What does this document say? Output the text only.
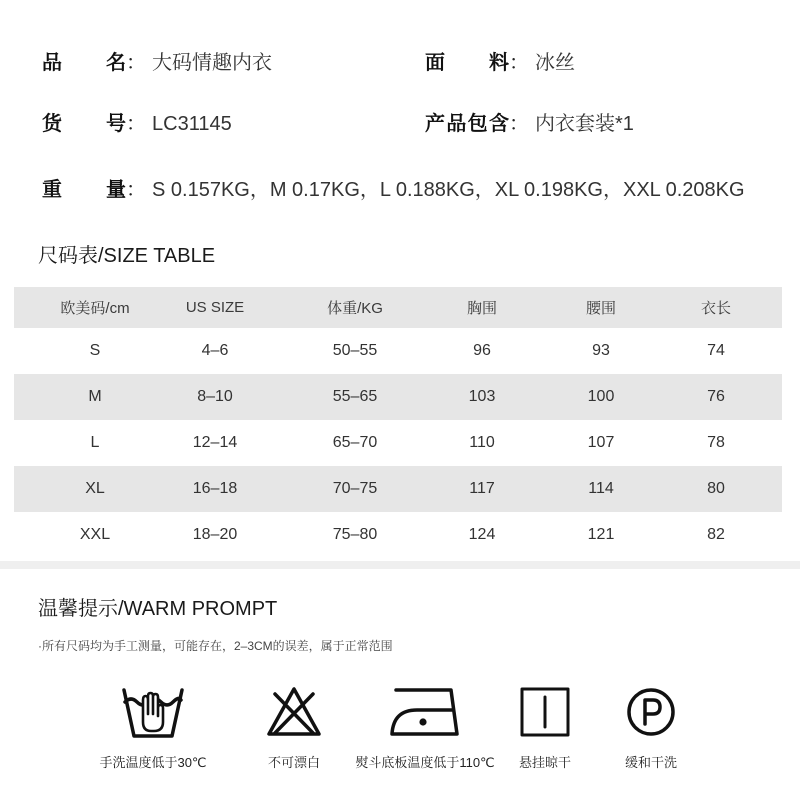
品 名 ： 大码情趣内衣	面 料 ： 冰丝
货 号 ： LC31145	产 品 包 含 ： 内衣套装*1
重 量 ： S 0.157KG，M 0.17KG，L 0.188KG，XL 0.198KG，XXL 0.208KG
尺码表/SIZE TABLE
欧美码/cm	US SIZE	体重/KG	胸围	腰围	衣长
S	4–6	50–55	96	93	74
M	8–10	55–65	103	100	76
L	12–14	65–70	110	107	78
XL	16–18	70–75	117	114	80
XXL	18–20	75–80	124	121	82
温馨提示/WARM PROMPT
·所有尺码均为手工测量，可能存在，2–3CM的误差，属于正常范围
手洗温度低于30℃	不可漂白	熨斗底板温度低于110℃	悬挂晾干	缓和干洗
